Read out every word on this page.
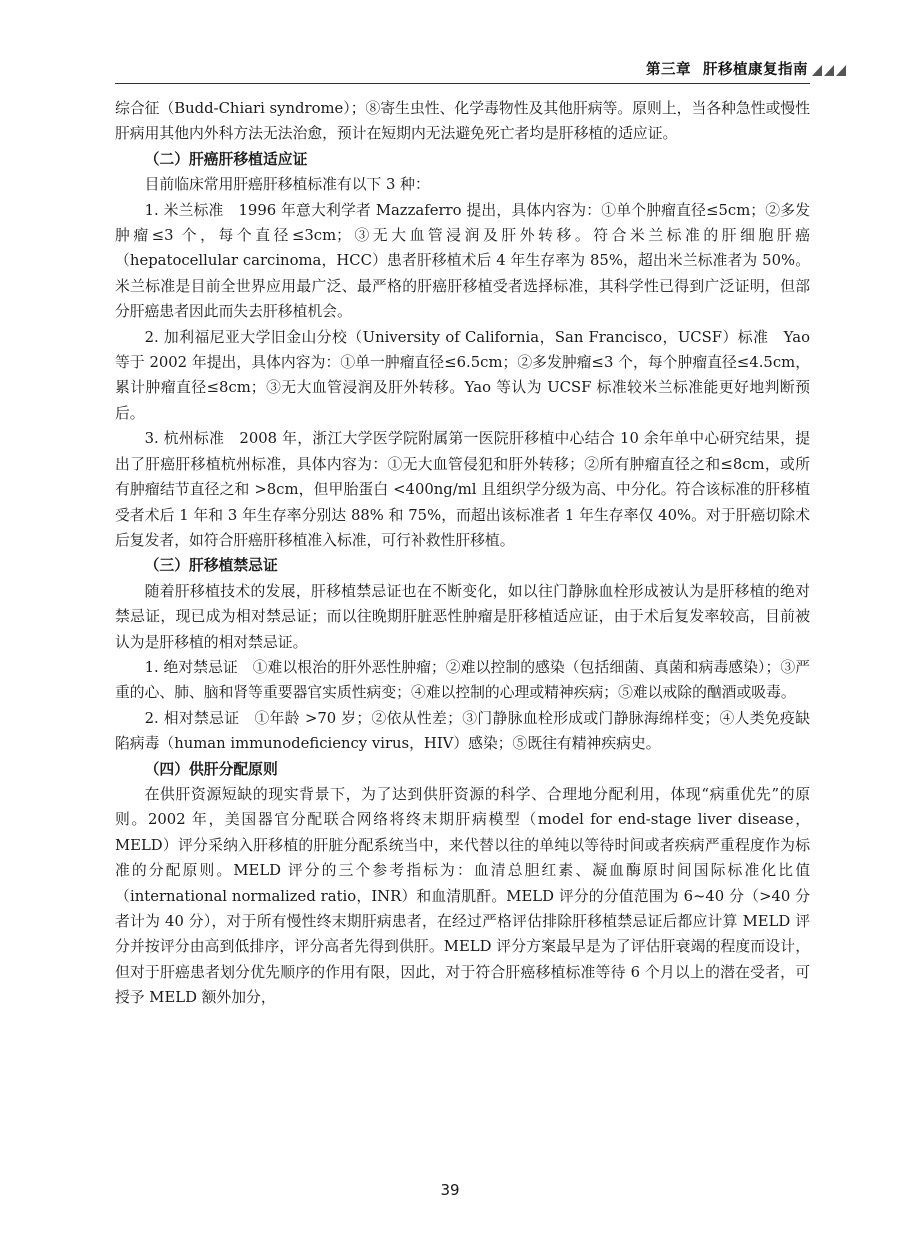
第三章 肝移植康复指南

综合征（Budd-Chiari syndrome）；⑧寄生虫性、化学毒物性及其他肝病等。原则上，当各种急性或慢性肝病用其他内外科方法无法治愈，预计在短期内无法避免死亡者均是肝移植的适应证。

（二）肝癌肝移植适应证

目前临床常用肝癌肝移植标准有以下 3 种：

1. 米兰标准　1996 年意大利学者 Mazzaferro 提出，具体内容为：①单个肿瘤直径≤5cm；②多发肿瘤≤3 个，每个直径≤3cm；③无大血管浸润及肝外转移。符合米兰标准的肝细胞肝癌（hepatocellular carcinoma，HCC）患者肝移植术后 4 年生存率为 85%，超出米兰标准者为 50%。米兰标准是目前全世界应用最广泛、最严格的肝癌肝移植受者选择标准，其科学性已得到广泛证明，但部分肝癌患者因此而失去肝移植机会。

2. 加利福尼亚大学旧金山分校（University of California，San Francisco，UCSF）标准　Yao 等于 2002 年提出，具体内容为：①单一肿瘤直径≤6.5cm；②多发肿瘤≤3 个，每个肿瘤直径≤4.5cm，累计肿瘤直径≤8cm；③无大血管浸润及肝外转移。Yao 等认为 UCSF 标准较米兰标准能更好地判断预后。

3. 杭州标准　2008 年，浙江大学医学院附属第一医院肝移植中心结合 10 余年单中心研究结果，提出了肝癌肝移植杭州标准，具体内容为：①无大血管侵犯和肝外转移；②所有肿瘤直径之和≤8cm，或所有肿瘤结节直径之和 >8cm，但甲胎蛋白 <400ng/ml 且组织学分级为高、中分化。符合该标准的肝移植受者术后 1 年和 3 年生存率分别达 88% 和 75%，而超出该标准者 1 年生存率仅 40%。对于肝癌切除术后复发者，如符合肝癌肝移植准入标准，可行补救性肝移植。

（三）肝移植禁忌证

随着肝移植技术的发展，肝移植禁忌证也在不断变化，如以往门静脉血栓形成被认为是肝移植的绝对禁忌证，现已成为相对禁忌证；而以往晚期肝脏恶性肿瘤是肝移植适应证，由于术后复发率较高，目前被认为是肝移植的相对禁忌证。

1. 绝对禁忌证　①难以根治的肝外恶性肿瘤；②难以控制的感染（包括细菌、真菌和病毒感染）；③严重的心、肺、脑和肾等重要器官实质性病变；④难以控制的心理或精神疾病；⑤难以戒除的酗酒或吸毒。

2. 相对禁忌证　①年龄 >70 岁；②依从性差；③门静脉血栓形成或门静脉海绵样变；④人类免疫缺陷病毒（human immunodeficiency virus，HIV）感染；⑤既往有精神疾病史。

（四）供肝分配原则

在供肝资源短缺的现实背景下，为了达到供肝资源的科学、合理地分配利用，体现“病重优先”的原则。2002 年，美国器官分配联合网络将终末期肝病模型（model for end-stage liver disease，MELD）评分采纳入肝移植的肝脏分配系统当中，来代替以往的单纯以等待时间或者疾病严重程度作为标准的分配原则。MELD 评分的三个参考指标为：血清总胆红素、凝血酶原时间国际标准化比值（international normalized ratio，INR）和血清肌酐。MELD 评分的分值范围为 6~40 分（>40 分者计为 40 分），对于所有慢性终末期肝病患者，在经过严格评估排除肝移植禁忌证后都应计算 MELD 评分并按评分由高到低排序，评分高者先得到供肝。MELD 评分方案最早是为了评估肝衰竭的程度而设计，但对于肝癌患者划分优先顺序的作用有限，因此，对于符合肝癌移植标准等待 6 个月以上的潜在受者，可授予 MELD 额外加分，

39
